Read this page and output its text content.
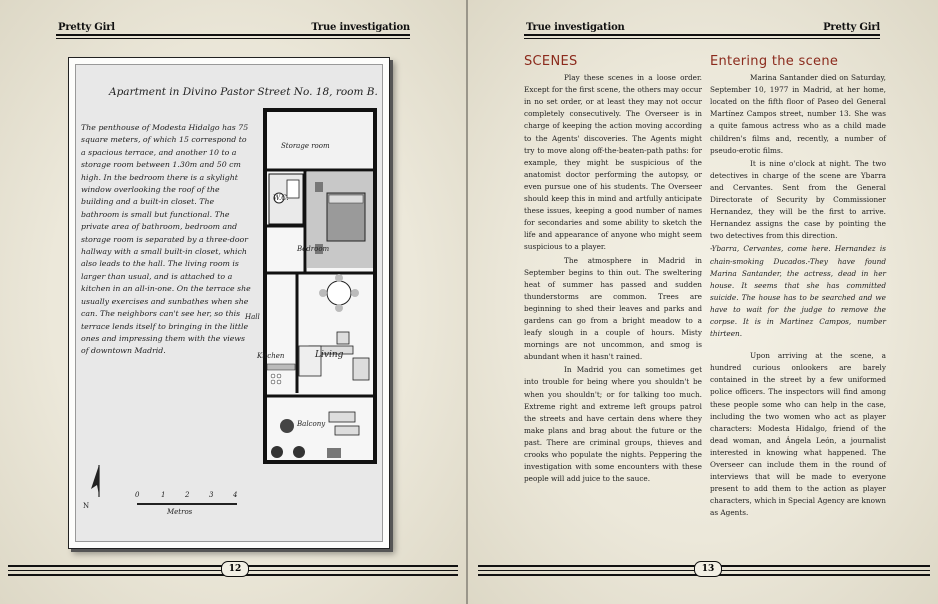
Pretty Girl	True investigation
Apartment in Divino Pastor Street No. 18, room B.
The penthouse of Modesta Hidalgo has 75 square meters, of which 15 correspond to a spacious terrace, and another 10 to a storage room between 1.30m and 50 cm high. In the bedroom there is a skylight window overlooking the roof of the building and a built-in closet. The bathroom is small but functional. The private area of bathroom, bedroom and storage room is separated by a three-door hallway with a small built-in closet, which also leads to the hall. The living room is larger than usual, and is attached to a kitchen in an all-in-one. On the terrace she usually exercises and sunbathes when she can. The neighbors can't see her, so this terrace lends itself to bringing in the little ones and impressing them with the views of downtown Madrid.
Storage room
W.C.
Bedroom
Hall
Kitchen	Living
Balcony
N
0	1	2	3	4
Metros
12
True investigation	Pretty Girl
SCENES

Play these scenes in a loose order. Except for the first scene, the others may occur in no set order, or at least they may not occur completely consecutively. The Overseer is in charge of keeping the action moving according to the Agents' discoveries. The Agents might try to move along off-the-beaten-path paths: for example, they might be suspicious of the anatomist doctor performing the autopsy, or even pursue one of his students. The Overseer should keep this in mind and artfully anticipate these issues, keeping a good number of names for secondaries and some ability to sketch the life and appearance of anyone who might seem suspicious to a player.

The atmosphere in Madrid in September begins to thin out. The sweltering heat of summer has passed and sudden thunderstorms are common. Trees are beginning to shed their leaves and parks and gardens can go from a bright meadow to a leafy slough in a couple of hours. Misty mornings are not uncommon, and smog is abundant when it hasn't rained.

In Madrid you can sometimes get into trouble for being where you shouldn't be when you shouldn't; or for talking too much. Extreme right and extreme left groups patrol the streets and have certain dens where they make plans and brag about the future or the past. There are criminal groups, thieves and crooks who populate the nights. Peppering the investigation with some encounters with these people will add juice to the sauce.

Entering the scene

Marina Santander died on Saturday, September 10, 1977 in Madrid, at her home, located on the fifth floor of Paseo del General Martínez Campos street, number 13. She was a quite famous actress who as a child made children's films and, recently, a number of pseudo-erotic films.

It is nine o'clock at night. The two detectives in charge of the scene are Ybarra and Cervantes. Sent from the General Directorate of Security by Commissioner Hernandez, they will be the first to arrive. Hernandez assigns the case by pointing the two detectives from this direction.

-Ybarra, Cervantes, come here. Hernandez is chain-smoking Ducados.-They have found Marina Santander, the actress, dead in her house. It seems that she has committed suicide. The house has to be searched and we have to wait for the judge to remove the corpse. It is in Martinez Campos, number thirteen.

Upon arriving at the scene, a hundred curious onlookers are barely contained in the street by a few uniformed police officers. The inspectors will find among these people some who can help in the case, including the two women who act as player characters: Modesta Hidalgo, friend of the dead woman, and Ángela León, a journalist interested in knowing what happened. The Overseer can include them in the round of interviews that will be made to everyone present to add them to the action as player characters, which in Special Agency are known as Agents.

13
